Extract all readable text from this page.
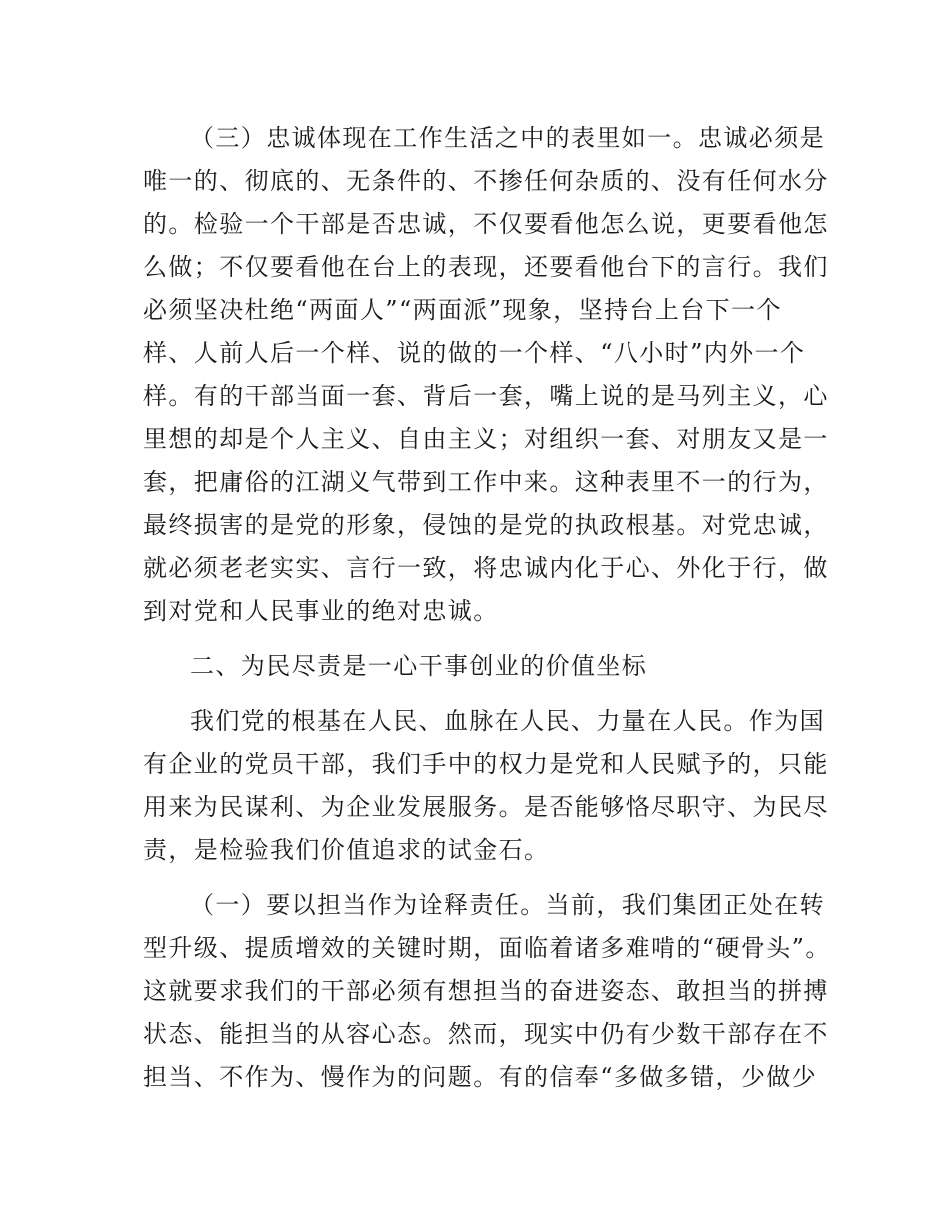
（三）忠诚体现在工作生活之中的表里如一。忠诚必须是
唯一的、彻底的、无条件的、不掺任何杂质的、没有任何水分
的。检验一个干部是否忠诚，不仅要看他怎么说，更要看他怎
么做；不仅要看他在台上的表现，还要看他台下的言行。我们
必须坚决杜绝“两面人”“两面派”现象，坚持台上台下一个
样、人前人后一个样、说的做的一个样、“八小时”内外一个
样。有的干部当面一套、背后一套，嘴上说的是马列主义，心
里想的却是个人主义、自由主义；对组织一套、对朋友又是一
套，把庸俗的江湖义气带到工作中来。这种表里不一的行为，
最终损害的是党的形象，侵蚀的是党的执政根基。对党忠诚，
就必须老老实实、言行一致，将忠诚内化于心、外化于行，做
到对党和人民事业的绝对忠诚。
二、为民尽责是一心干事创业的价值坐标
我们党的根基在人民、血脉在人民、力量在人民。作为国
有企业的党员干部，我们手中的权力是党和人民赋予的，只能
用来为民谋利、为企业发展服务。是否能够恪尽职守、为民尽
责，是检验我们价值追求的试金石。
（一）要以担当作为诠释责任。当前，我们集团正处在转
型升级、提质增效的关键时期，面临着诸多难啃的“硬骨头”。
这就要求我们的干部必须有想担当的奋进姿态、敢担当的拼搏
状态、能担当的从容心态。然而，现实中仍有少数干部存在不
担当、不作为、慢作为的问题。有的信奉“多做多错，少做少
